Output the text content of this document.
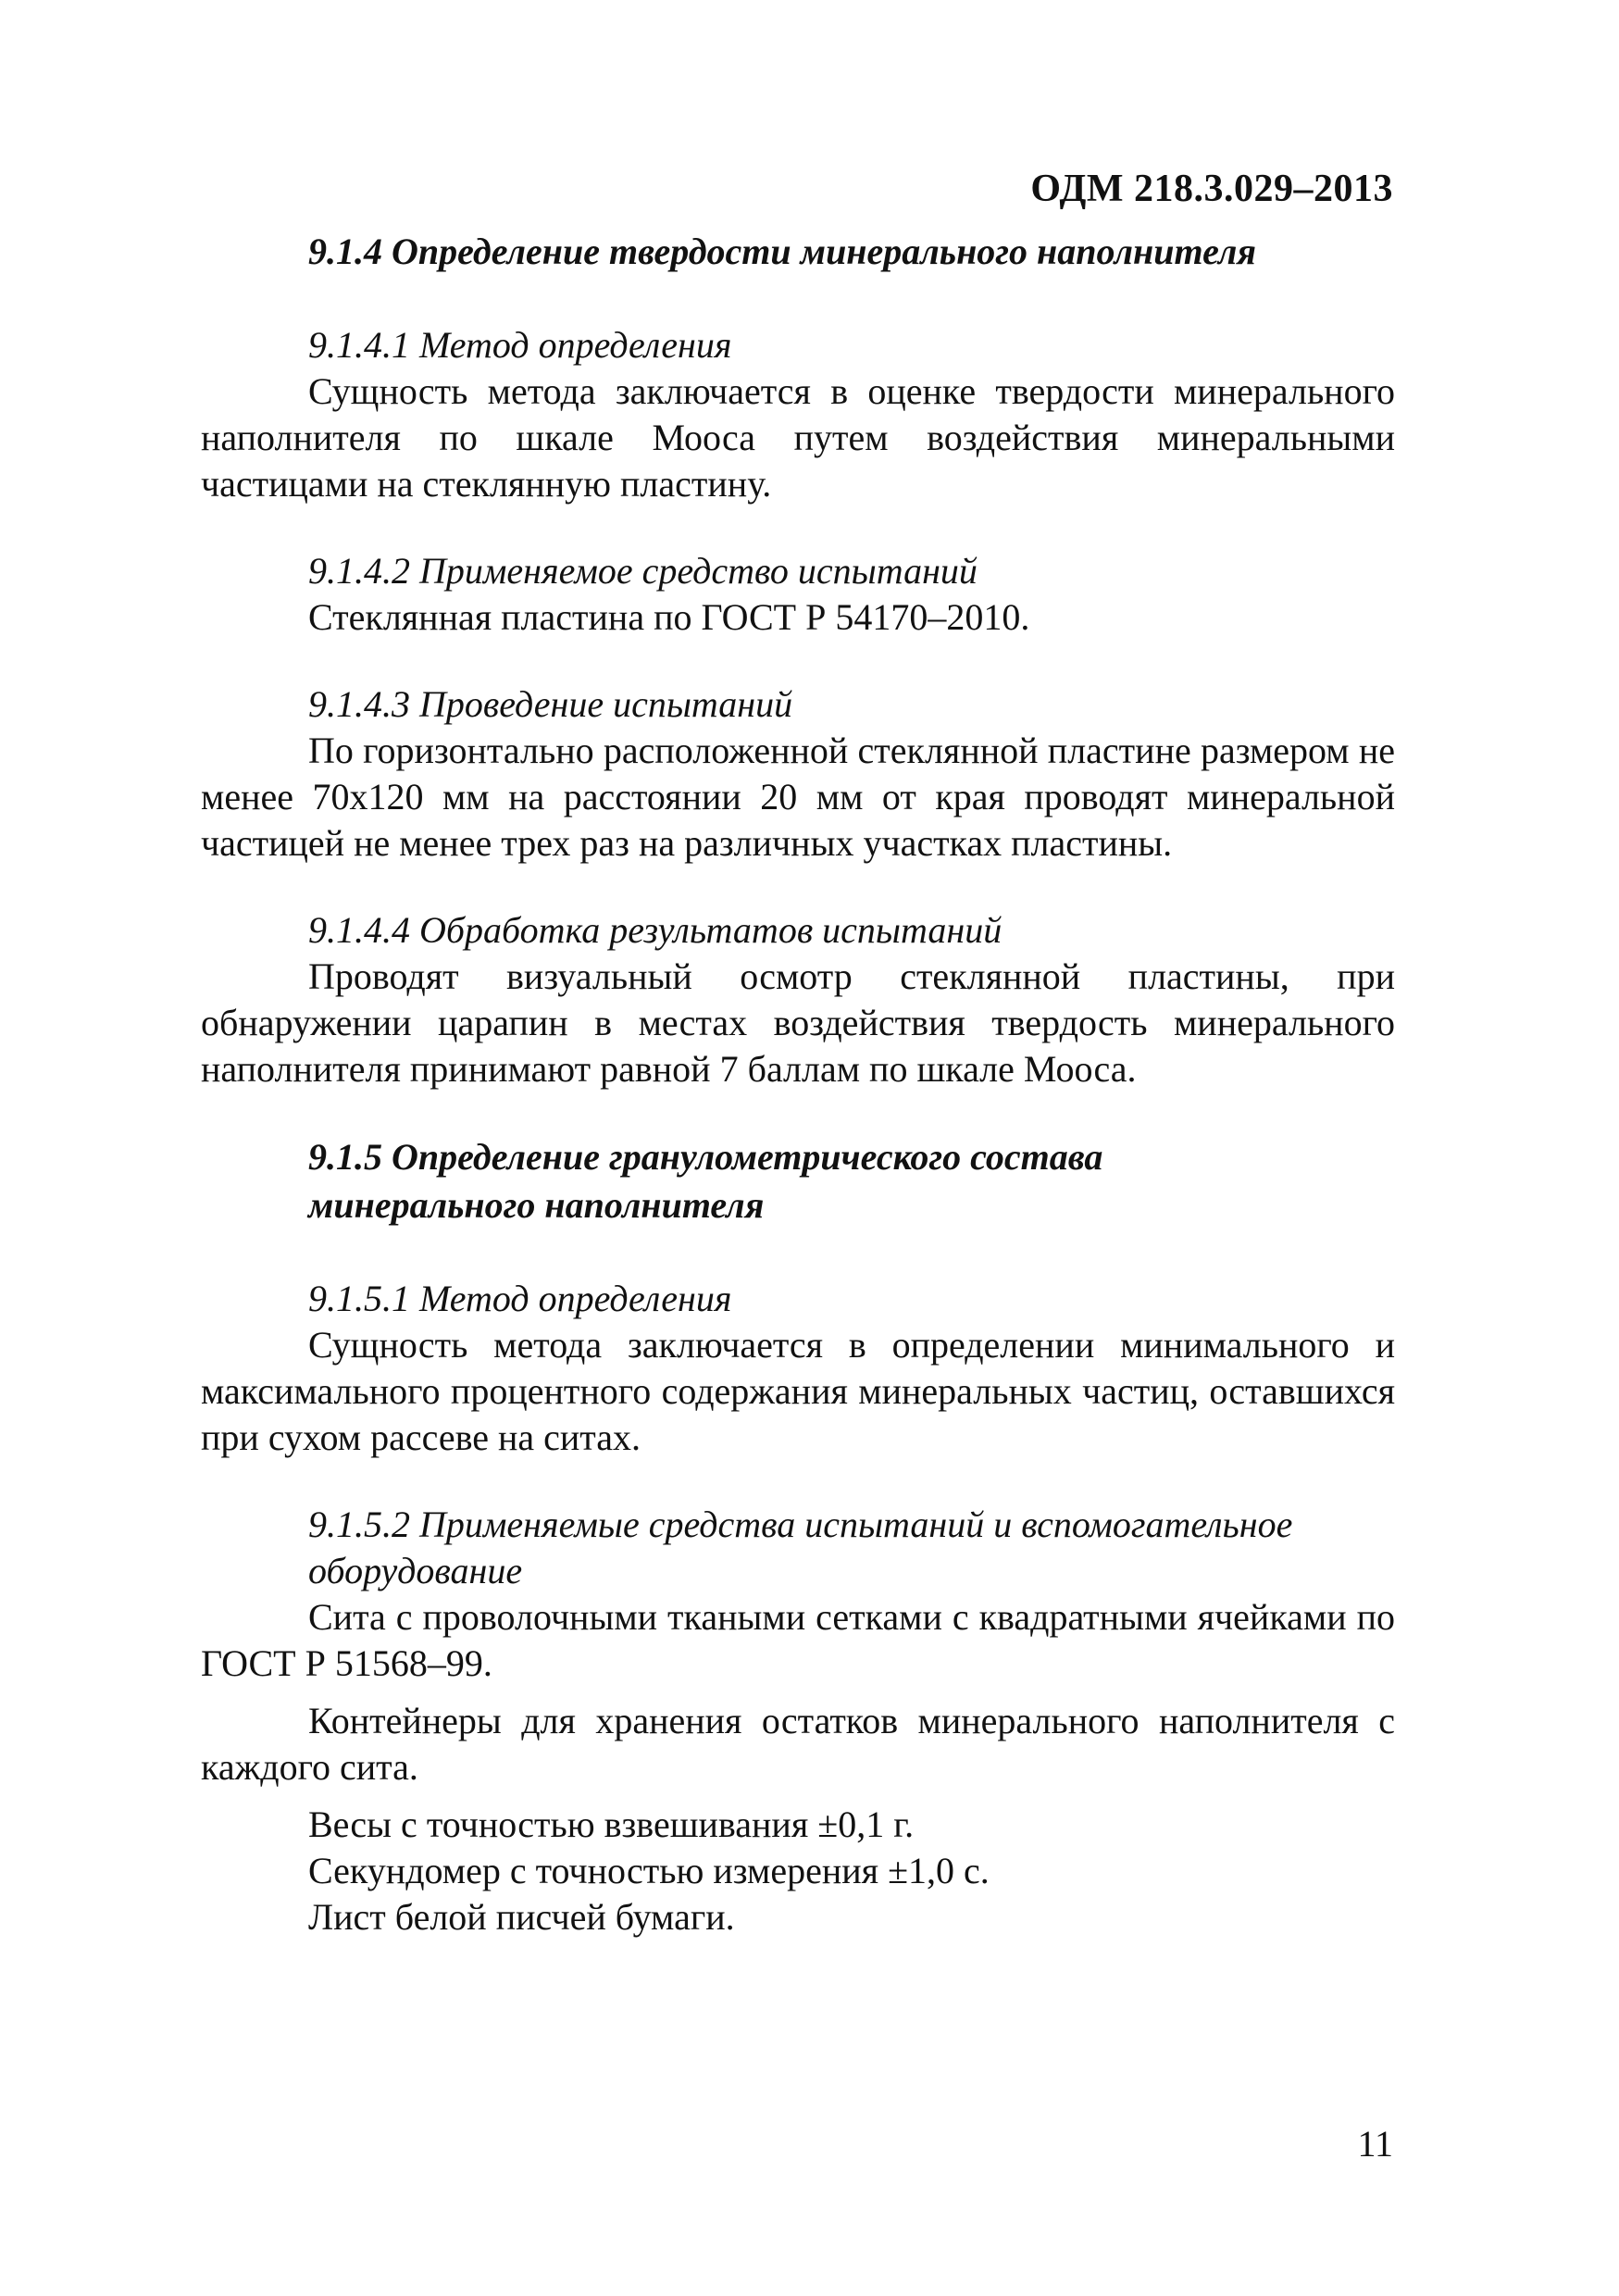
ОДМ 218.3.029–2013

9.1.4 Определение твердости минерального наполнителя

9.1.4.1 Метод определения

Сущность метода заключается в оценке твердости минерального наполнителя по шкале Мооса путем воздействия минеральными частицами на стеклянную пластину.

9.1.4.2 Применяемое средство испытаний

Стеклянная пластина по ГОСТ Р 54170–2010.

9.1.4.3 Проведение испытаний

По горизонтально расположенной стеклянной пластине размером не менее 70х120 мм на расстоянии 20 мм от края проводят минеральной частицей не менее трех раз на различных участках пластины.

9.1.4.4 Обработка результатов испытаний

Проводят визуальный осмотр стеклянной пластины, при обнаружении царапин в местах воздействия твердость минерального наполнителя принимают равной 7 баллам по шкале Мооса.

9.1.5 Определение гранулометрического состава

минерального наполнителя

9.1.5.1 Метод определения

Сущность метода заключается в определении минимального и максимального процентного содержания минеральных частиц, оставшихся при сухом рассеве на ситах.

9.1.5.2 Применяемые средства испытаний и вспомогательное

оборудование

Сита с проволочными ткаными сетками с квадратными ячейками по ГОСТ Р 51568–99.

Контейнеры для хранения остатков минерального наполнителя с каждого сита.

Весы с точностью взвешивания ±0,1 г.

Секундомер с точностью измерения ±1,0 с.

Лист белой писчей бумаги.

11
